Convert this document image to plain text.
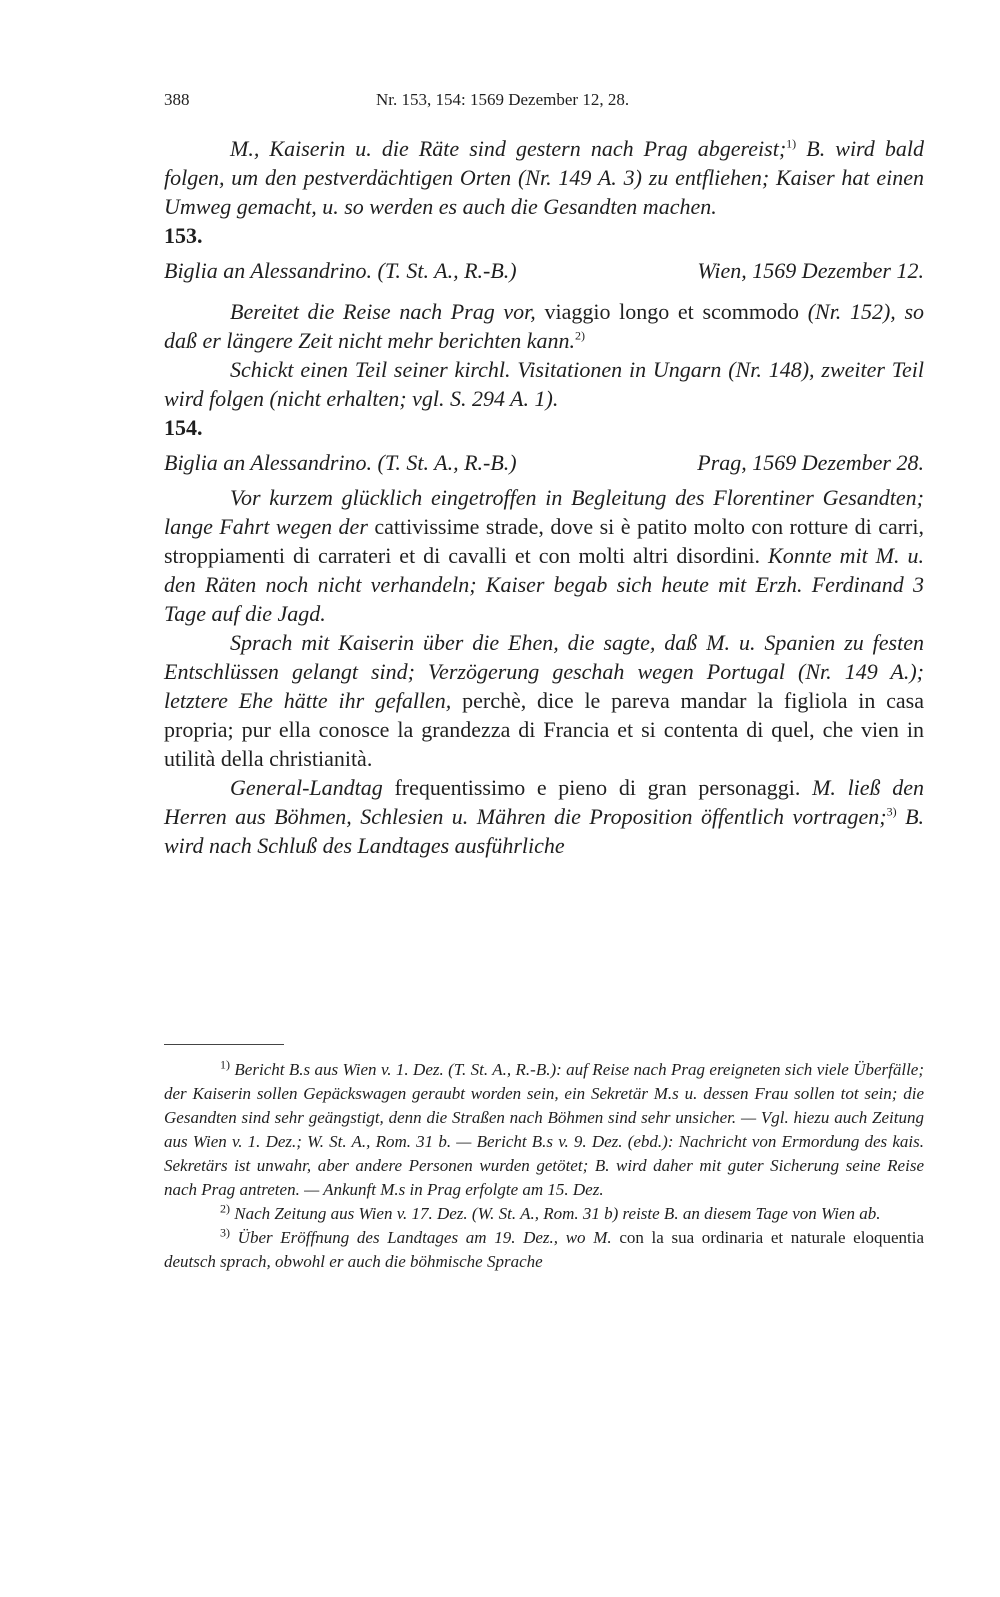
388	Nr. 153, 154: 1569 Dezember 12, 28.

M., Kaiserin u. die Räte sind gestern nach Prag abgereist;$^{1)}$ B. wird bald folgen, um den pestverdächtigen Orten (Nr. 149 A. 3) zu entfliehen; Kaiser hat einen Umweg gemacht, u. so werden es auch die Gesandten machen.

153.

Biglia an Alessandrino. (T. St. A., R.-B.)	Wien, 1569 Dezember 12.

Bereitet die Reise nach Prag vor, viaggio longo et scommodo (Nr. 152), so daß er längere Zeit nicht mehr berichten kann.$^{2)}$

Schickt einen Teil seiner kirchl. Visitationen in Ungarn (Nr. 148), zweiter Teil wird folgen (nicht erhalten; vgl. S. 294 A. 1).

154.

Biglia an Alessandrino. (T. St. A., R.-B.)	Prag, 1569 Dezember 28.

Vor kurzem glücklich eingetroffen in Begleitung des Florentiner Gesandten; lange Fahrt wegen der cattivissime strade, dove si è patito molto con rotture di carri, stroppiamenti di carrateri et di cavalli et con molti altri disordini. Konnte mit M. u. den Räten noch nicht verhandeln; Kaiser begab sich heute mit Erzh. Ferdinand 3 Tage auf die Jagd.

Sprach mit Kaiserin über die Ehen, die sagte, daß M. u. Spanien zu festen Entschlüssen gelangt sind; Verzögerung geschah wegen Portugal (Nr. 149 A.); letztere Ehe hätte ihr gefallen, perchè, dice le pareva mandar la figliola in casa propria; pur ella conosce la grandezza di Francia et si contenta di quel, che vien in utilità della christianità.

General-Landtag frequentissimo e pieno di gran personaggi. M. ließ den Herren aus Böhmen, Schlesien u. Mähren die Proposition öffentlich vortragen;$^{3)}$ B. wird nach Schluß des Landtages ausführliche

$^{1)}$ Bericht B.s aus Wien v. 1. Dez. (T. St. A., R.-B.): auf Reise nach Prag ereigneten sich viele Überfälle; der Kaiserin sollen Gepäckswagen geraubt worden sein, ein Sekretär M.s u. dessen Frau sollen tot sein; die Gesandten sind sehr geängstigt, denn die Straßen nach Böhmen sind sehr unsicher. — Vgl. hiezu auch Zeitung aus Wien v. 1. Dez.; W. St. A., Rom. 31 b. — Bericht B.s v. 9. Dez. (ebd.): Nachricht von Ermordung des kais. Sekretärs ist unwahr, aber andere Personen wurden getötet; B. wird daher mit guter Sicherung seine Reise nach Prag antreten. — Ankunft M.s in Prag erfolgte am 15. Dez.

$^{2)}$ Nach Zeitung aus Wien v. 17. Dez. (W. St. A., Rom. 31 b) reiste B. an diesem Tage von Wien ab.

$^{3)}$ Über Eröffnung des Landtages am 19. Dez., wo M. con la sua ordinaria et naturale eloquentia deutsch sprach, obwohl er auch die böhmische Sprache
